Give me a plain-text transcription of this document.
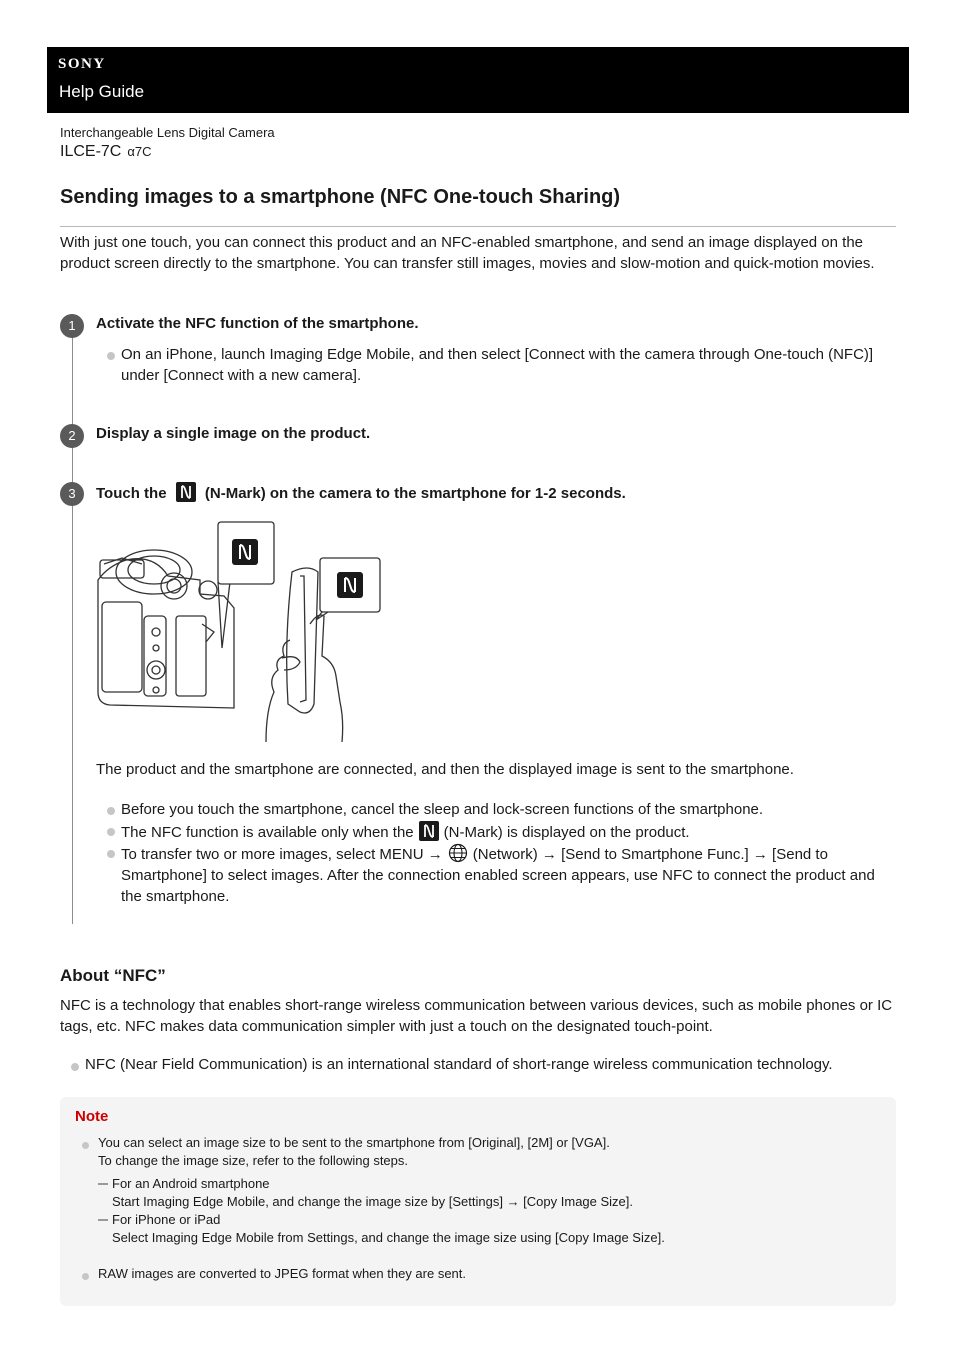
SONY
Help Guide
Interchangeable Lens Digital Camera
ILCE-7C α7C
Sending images to a smartphone (NFC One-touch Sharing)

With just one touch, you can connect this product and an NFC-enabled smartphone, and send an image displayed on the product screen directly to the smartphone. You can transfer still images, movies and slow-motion and quick-motion movies.

1	Activate the NFC function of the smartphone.

On an iPhone, launch Imaging Edge Mobile, and then select [Connect with the camera through One-touch (NFC)] under [Connect with a new camera].
2	Display a single image on the product.

3	Touch the	(N-Mark) on the camera to the smartphone for 1-2 seconds.

The product and the smartphone are connected, and then the displayed image is sent to the smartphone.

Before you touch the smartphone, cancel the sleep and lock-screen functions of the smartphone.
The NFC function is available only when the (N-Mark) is displayed on the product.
To transfer two or more images, select MENU → (Network) → [Send to Smartphone Func.] → [Send to Smartphone] to select images. After the connection enabled screen appears, use NFC to connect the product and the smartphone.
About “NFC”

NFC is a technology that enables short-range wireless communication between various devices, such as mobile phones or IC tags, etc. NFC makes data communication simpler with just a touch on the designated touch-point.

NFC (Near Field Communication) is an international standard of short-range wireless communication technology.

Note

You can select an image size to be sent to the smartphone from [Original], [2M] or [VGA].

To change the image size, refer to the following steps.

For an Android smartphone

Start Imaging Edge Mobile, and change the image size by [Settings] → [Copy Image Size].

For iPhone or iPad

Select Imaging Edge Mobile from Settings, and change the image size using [Copy Image Size].

RAW images are converted to JPEG format when they are sent.
